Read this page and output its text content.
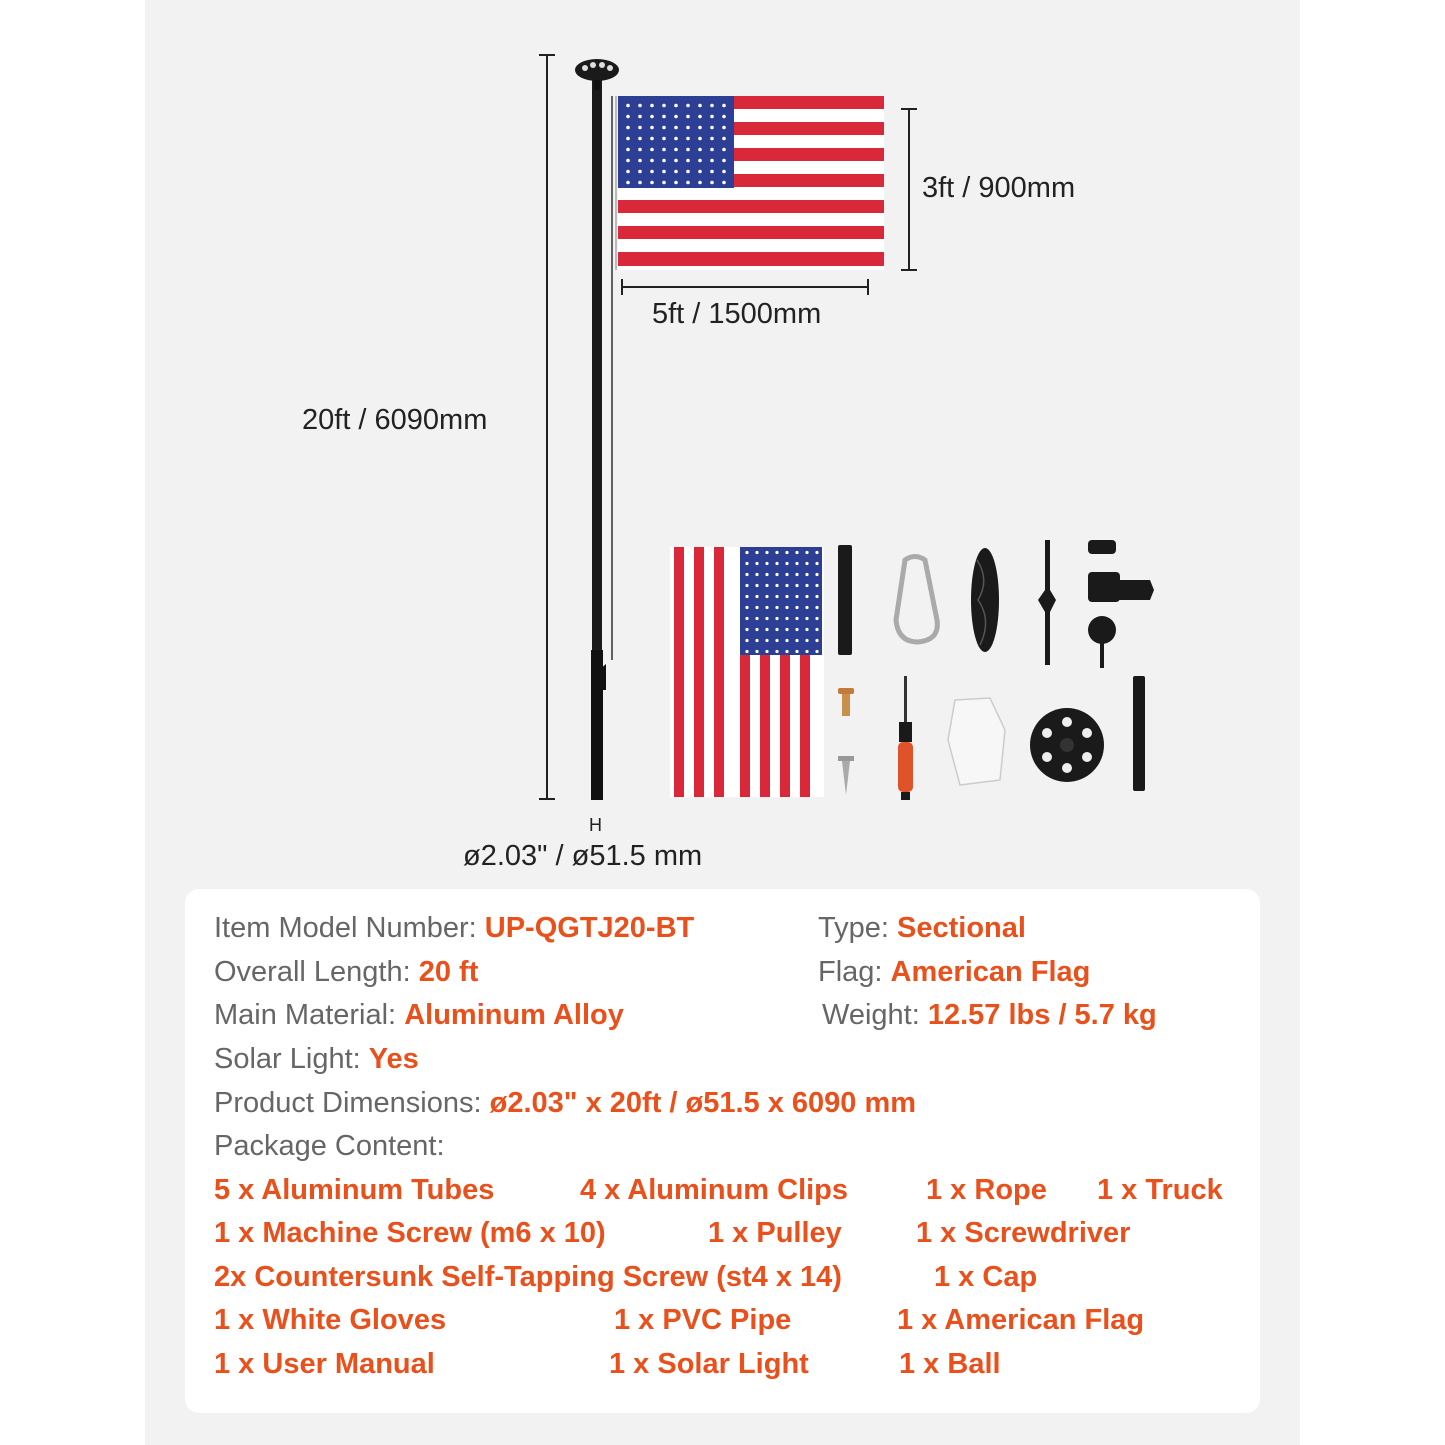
20ft / 6090mm
3ft / 900mm
5ft / 1500mm
H
ø2.03" / ø51.5 mm
Item Model Number: UP-QGTJ20-BT	Type: Sectional
Overall Length: 20 ft	Flag: American Flag
Main Material: Aluminum Alloy	Weight: 12.57 lbs / 5.7 kg
Solar Light: Yes
Product Dimensions: ø2.03" x 20ft / ø51.5 x 6090 mm
Package Content:
5 x Aluminum Tubes	4 x Aluminum Clips	1 x Rope 1 x Truck
1 x Machine Screw (m6 x 10)	1 x Pulley	1 x Screwdriver
2x Countersunk Self-Tapping Screw (st4 x 14)	1 x Cap
1 x White Gloves	1 x PVC Pipe	1 x American Flag
1 x User Manual	1 x Solar Light	1 x Ball
